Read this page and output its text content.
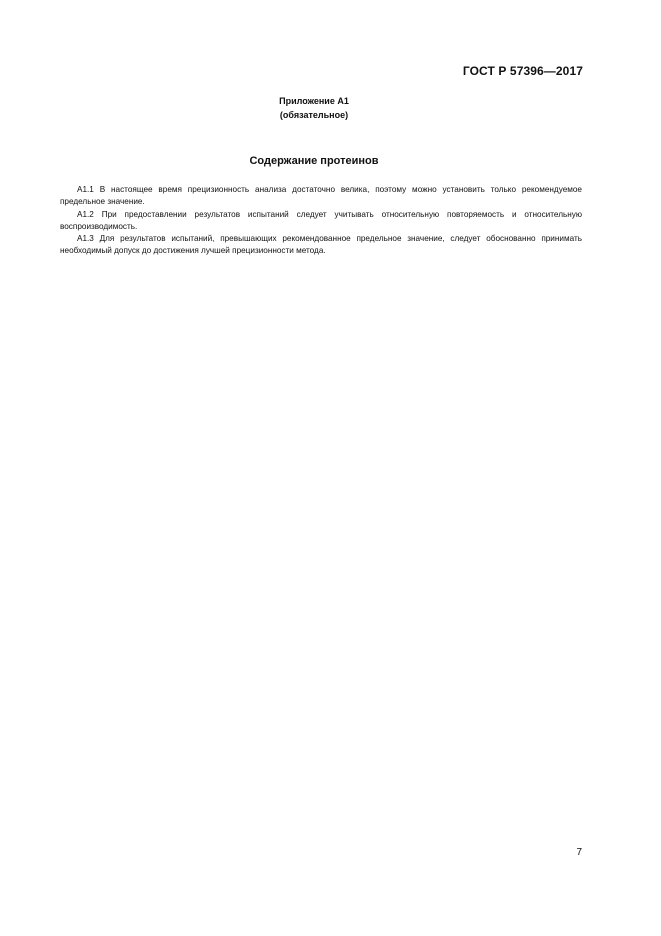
ГОСТ Р 57396—2017
Приложение А1
(обязательное)
Содержание протеинов

А1.1 В настоящее время прецизионность анализа достаточно велика, поэтому можно установить только рекомендуемое предельное значение.

А1.2 При предоставлении результатов испытаний следует учитывать относительную повторяемость и относительную воспроизводимость.

А1.3 Для результатов испытаний, превышающих рекомендованное предельное значение, следует обоснованно принимать необходимый допуск до достижения лучшей прецизионности метода.

7
